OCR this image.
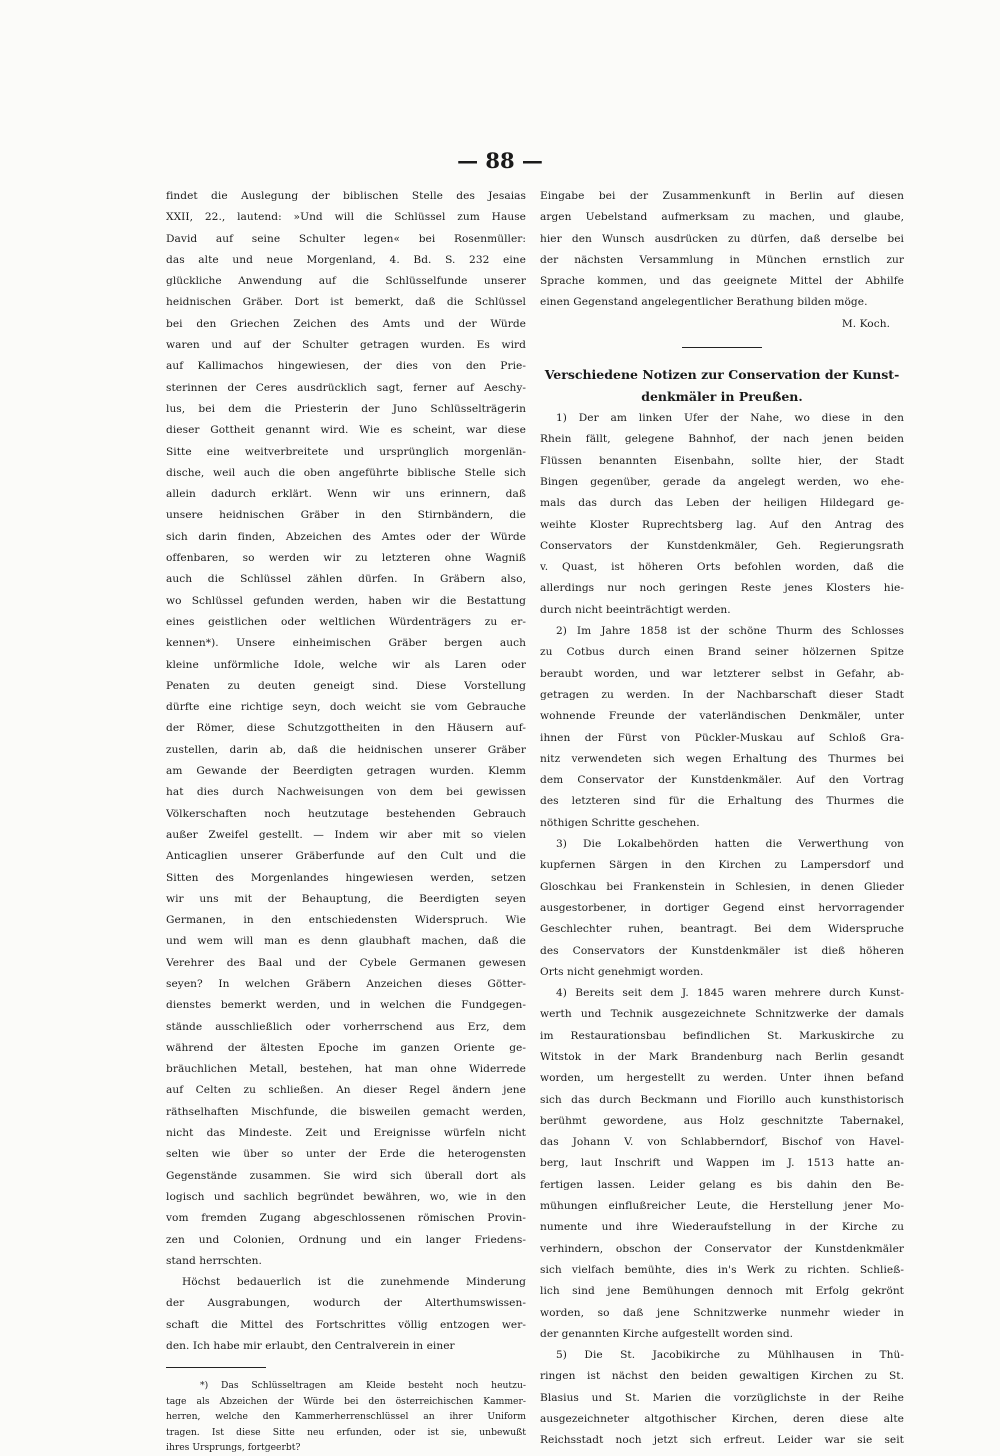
— 88 —
findet die Auslegung der biblischen Stelle des Jesaias
XXII, 22., lautend: »Und will die Schlüssel zum Hause
David auf seine Schulter legen« bei Rosenmüller:
das alte und neue Morgenland, 4. Bd. S. 232 eine
glückliche Anwendung auf die Schlüsselfunde unserer
heidnischen Gräber. Dort ist bemerkt, daß die Schlüssel
bei den Griechen Zeichen des Amts und der Würde
waren und auf der Schulter getragen wurden. Es wird
auf Kallimachos hingewiesen, der dies von den Prie-
sterinnen der Ceres ausdrücklich sagt, ferner auf Aeschy-
lus, bei dem die Priesterin der Juno Schlüsselträgerin
dieser Gottheit genannt wird. Wie es scheint, war diese
Sitte eine weitverbreitete und ursprünglich morgenlän-
dische, weil auch die oben angeführte biblische Stelle sich
allein dadurch erklärt. Wenn wir uns erinnern, daß
unsere heidnischen Gräber in den Stirnbändern, die
sich darin finden, Abzeichen des Amtes oder der Würde
offenbaren, so werden wir zu letzteren ohne Wagniß
auch die Schlüssel zählen dürfen. In Gräbern also,
wo Schlüssel gefunden werden, haben wir die Bestattung
eines geistlichen oder weltlichen Würdenträgers zu er-
kennen*). Unsere einheimischen Gräber bergen auch
kleine unförmliche Idole, welche wir als Laren oder
Penaten zu deuten geneigt sind. Diese Vorstellung
dürfte eine richtige seyn, doch weicht sie vom Gebrauche
der Römer, diese Schutzgottheiten in den Häusern auf-
zustellen, darin ab, daß die heidnischen unserer Gräber
am Gewande der Beerdigten getragen wurden. Klemm
hat dies durch Nachweisungen von dem bei gewissen
Völkerschaften noch heutzutage bestehenden Gebrauch
außer Zweifel gestellt. — Indem wir aber mit so vielen
Anticaglien unserer Gräberfunde auf den Cult und die
Sitten des Morgenlandes hingewiesen werden, setzen
wir uns mit der Behauptung, die Beerdigten seyen
Germanen, in den entschiedensten Widerspruch. Wie
und wem will man es denn glaubhaft machen, daß die
Verehrer des Baal und der Cybele Germanen gewesen
seyen? In welchen Gräbern Anzeichen dieses Götter-
dienstes bemerkt werden, und in welchen die Fundgegen-
stände ausschließlich oder vorherrschend aus Erz, dem
während der ältesten Epoche im ganzen Oriente ge-
bräuchlichen Metall, bestehen, hat man ohne Widerrede
auf Celten zu schließen. An dieser Regel ändern jene
räthselhaften Mischfunde, die bisweilen gemacht werden,
nicht das Mindeste. Zeit und Ereignisse würfeln nicht
selten wie über so unter der Erde die heterogensten
Gegenstände zusammen. Sie wird sich überall dort als
logisch und sachlich begründet bewähren, wo, wie in den
vom fremden Zugang abgeschlossenen römischen Provin-
zen und Colonien, Ordnung und ein langer Friedens-
stand herrschten.
Höchst bedauerlich ist die zunehmende Minderung
der Ausgrabungen, wodurch der Alterthumswissen-
schaft die Mittel des Fortschrittes völlig entzogen wer-
den. Ich habe mir erlaubt, den Centralverein in einer
*) Das Schlüsseltragen am Kleide besteht noch heutzu-
tage als Abzeichen der Würde bei den österreichischen Kammer-
herren, welche den Kammerherrenschlüssel an ihrer Uniform
tragen. Ist diese Sitte neu erfunden, oder ist sie, unbewußt
ihres Ursprungs, fortgeerbt?
Eingabe bei der Zusammenkunft in Berlin auf diesen
argen Uebelstand aufmerksam zu machen, und glaube,
hier den Wunsch ausdrücken zu dürfen, daß derselbe bei
der nächsten Versammlung in München ernstlich zur
Sprache kommen, und das geeignete Mittel der Abhilfe
einen Gegenstand angelegentlicher Berathung bilden möge.
M. Koch.
Verschiedene Notizen zur Conservation der Kunst-
denkmäler in Preußen.
1) Der am linken Ufer der Nahe, wo diese in den
Rhein fällt, gelegene Bahnhof, der nach jenen beiden
Flüssen benannten Eisenbahn, sollte hier, der Stadt
Bingen gegenüber, gerade da angelegt werden, wo ehe-
mals das durch das Leben der heiligen Hildegard ge-
weihte Kloster Ruprechtsberg lag. Auf den Antrag des
Conservators der Kunstdenkmäler, Geh. Regierungsrath
v. Quast, ist höheren Orts befohlen worden, daß die
allerdings nur noch geringen Reste jenes Klosters hie-
durch nicht beeinträchtigt werden.
2) Im Jahre 1858 ist der schöne Thurm des Schlosses
zu Cotbus durch einen Brand seiner hölzernen Spitze
beraubt worden, und war letzterer selbst in Gefahr, ab-
getragen zu werden. In der Nachbarschaft dieser Stadt
wohnende Freunde der vaterländischen Denkmäler, unter
ihnen der Fürst von Pückler-Muskau auf Schloß Gra-
nitz verwendeten sich wegen Erhaltung des Thurmes bei
dem Conservator der Kunstdenkmäler. Auf den Vortrag
des letzteren sind für die Erhaltung des Thurmes die
nöthigen Schritte geschehen.
3) Die Lokalbehörden hatten die Verwerthung von
kupfernen Särgen in den Kirchen zu Lampersdorf und
Gloschkau bei Frankenstein in Schlesien, in denen Glieder
ausgestorbener, in dortiger Gegend einst hervorragender
Geschlechter ruhen, beantragt. Bei dem Widerspruche
des Conservators der Kunstdenkmäler ist dieß höheren
Orts nicht genehmigt worden.
4) Bereits seit dem J. 1845 waren mehrere durch Kunst-
werth und Technik ausgezeichnete Schnitzwerke der damals
im Restaurationsbau befindlichen St. Markuskirche zu
Witstok in der Mark Brandenburg nach Berlin gesandt
worden, um hergestellt zu werden. Unter ihnen befand
sich das durch Beckmann und Fiorillo auch kunsthistorisch
berühmt gewordene, aus Holz geschnitzte Tabernakel,
das Johann V. von Schlabberndorf, Bischof von Havel-
berg, laut Inschrift und Wappen im J. 1513 hatte an-
fertigen lassen. Leider gelang es bis dahin den Be-
mühungen einflußreicher Leute, die Herstellung jener Mo-
numente und ihre Wiederaufstellung in der Kirche zu
verhindern, obschon der Conservator der Kunstdenkmäler
sich vielfach bemühte, dies in's Werk zu richten. Schließ-
lich sind jene Bemühungen dennoch mit Erfolg gekrönt
worden, so daß jene Schnitzwerke nunmehr wieder in
der genannten Kirche aufgestellt worden sind.
5) Die St. Jacobikirche zu Mühlhausen in Thü-
ringen ist nächst den beiden gewaltigen Kirchen zu St.
Blasius und St. Marien die vorzüglichste in der Reihe
ausgezeichneter altgothischer Kirchen, deren diese alte
Reichsstadt noch jetzt sich erfreut. Leider war sie seit
